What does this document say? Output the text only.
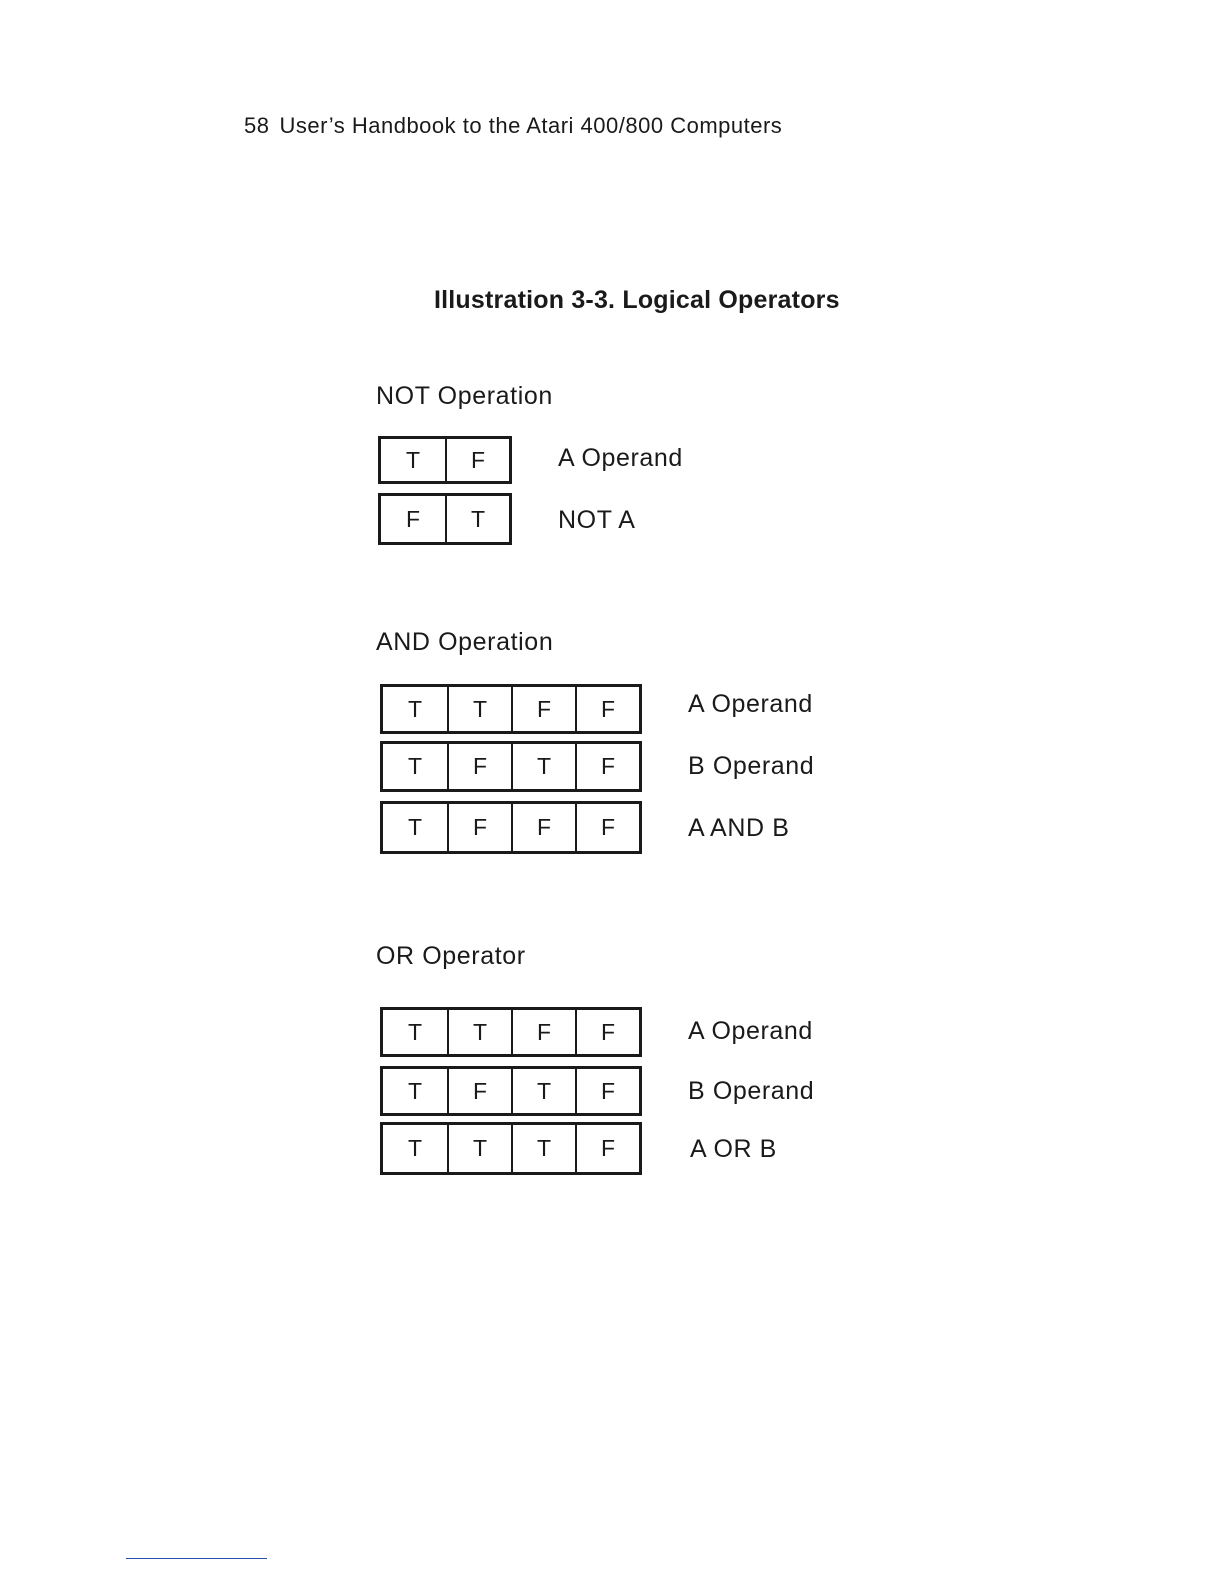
58 User’s Handbook to the Atari 400/800 Computers
Illustration 3-3. Logical Operators
NOT Operation
T	F	A Operand
F	T	NOT A
AND Operation
T	T	F	F	A Operand
T	F	T	F	B Operand
T	F	F	F	A AND B
OR Operator
T	T	F	F	A Operand
T	F	T	F	B Operand
T	T	T	F	A OR B
